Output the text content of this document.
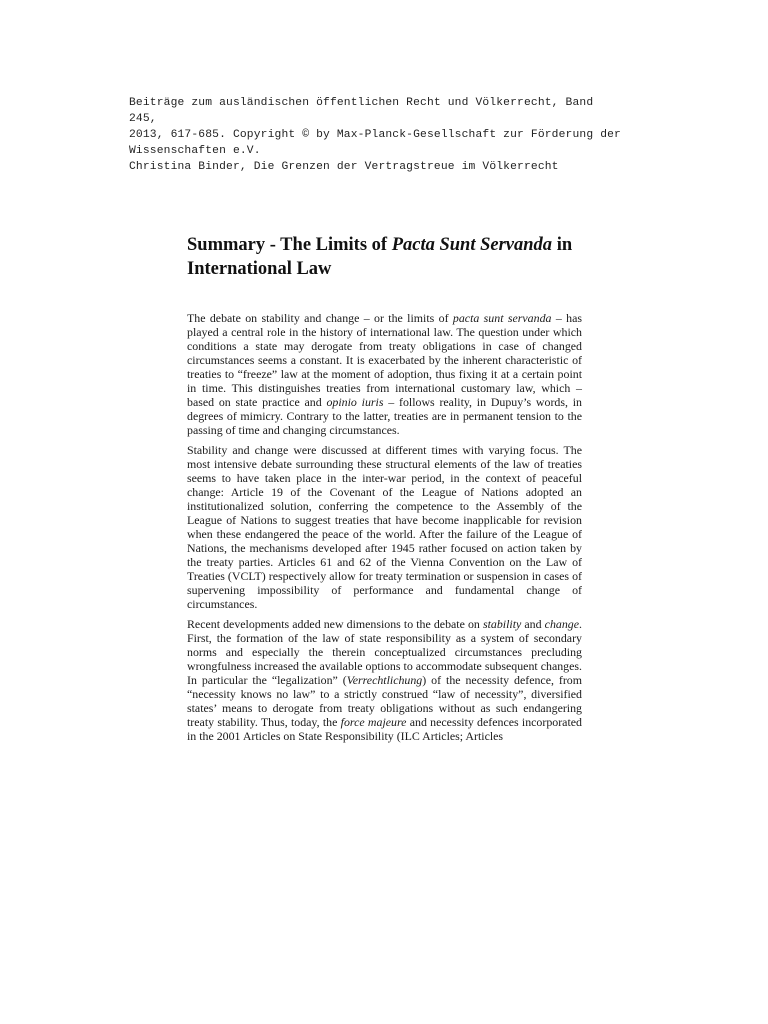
Beiträge zum ausländischen öffentlichen Recht und Völkerrecht, Band
245,
2013, 617-685. Copyright © by Max-Planck-Gesellschaft zur Förderung der
Wissenschaften e.V.
Christina Binder, Die Grenzen der Vertragstreue im Völkerrecht
Summary - The Limits of Pacta Sunt Servanda in International Law

The debate on stability and change – or the limits of pacta sunt servanda – has played a central role in the history of international law. The question under which conditions a state may derogate from treaty obligations in case of changed circumstances seems a constant. It is exacerbated by the inherent characteristic of treaties to “freeze” law at the moment of adoption, thus fixing it at a certain point in time. This distinguishes treaties from international customary law, which – based on state practice and opinio iuris – follows reality, in Dupuy’s words, in degrees of mimicry. Contrary to the latter, treaties are in permanent tension to the passing of time and changing circumstances.

Stability and change were discussed at different times with varying focus. The most intensive debate surrounding these structural elements of the law of treaties seems to have taken place in the inter-war period, in the context of peaceful change: Article 19 of the Covenant of the League of Nations adopted an institutionalized solution, conferring the competence to the Assembly of the League of Nations to suggest treaties that have become inapplicable for revision when these endangered the peace of the world. After the failure of the League of Nations, the mechanisms developed after 1945 rather focused on action taken by the treaty parties. Articles 61 and 62 of the Vienna Convention on the Law of Treaties (VCLT) respectively allow for treaty termination or suspension in cases of supervening impossibility of performance and fundamental change of circumstances.

Recent developments added new dimensions to the debate on stability and change. First, the formation of the law of state responsibility as a system of secondary norms and especially the therein conceptualized circumstances precluding wrongfulness increased the available options to accommodate subsequent changes. In particular the “legalization” (Verrechtlichung) of the necessity defence, from “necessity knows no law” to a strictly construed “law of necessity”, diversified states’ means to derogate from treaty obligations without as such endangering treaty stability. Thus, today, the force majeure and necessity defences incorporated in the 2001 Articles on State Responsibility (ILC Articles; Articles
